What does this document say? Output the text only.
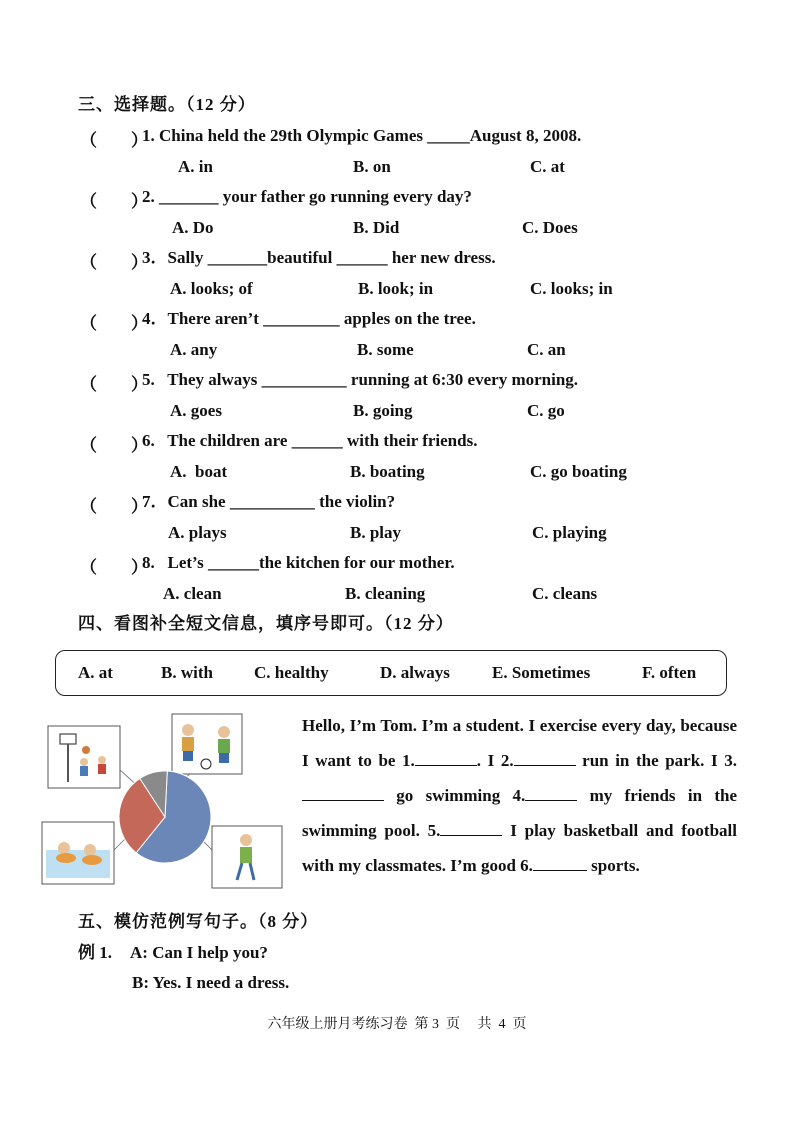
三、选择题。（12 分）
（　　）
1. China held the 29th Olympic Games _____August 8, 2008.
A. in	B. on	C. at
（　　）
2. _______ your father go running every day?
A. Do	B. Did	C. Does
（　　）
3．Sally _______beautiful ______ her new dress.
A. looks; of	B. look; in	C. looks; in
（　　）
4．There aren’t _________ apples on the tree.
A. any	B. some	C. an
（　　）
5.   They always __________ running at 6:30 every morning.
A. goes	B. going	C. go
（　　）
6.   The children are ______ with their friends.
A.  boat	B. boating	C. go boating
（　　）
7．Can she __________ the violin?
A. plays	B. play	C. playing
（　　）
8.   Let’s ______the kitchen for our mother.
A. clean	B. cleaning	C. cleans
四、看图补全短文信息，填序号即可。（12 分）
A. at	B. with C. healthy	D. always E. Sometimes	F. often
Hello, I’m Tom. I’m a student. I exercise every day, because I want to be 1.	. I 2.	run in the park. I 3. go swimming 4.	my friends in the swimming pool. 5.	I play basketball and football with my classmates. I’m good 6.	sports.
五、模仿范例写句子。（8 分）
例 1. A: Can I help you?
B: Yes. I need a dress.
六年级上册月考练习卷  第 3  页     共  4  页
